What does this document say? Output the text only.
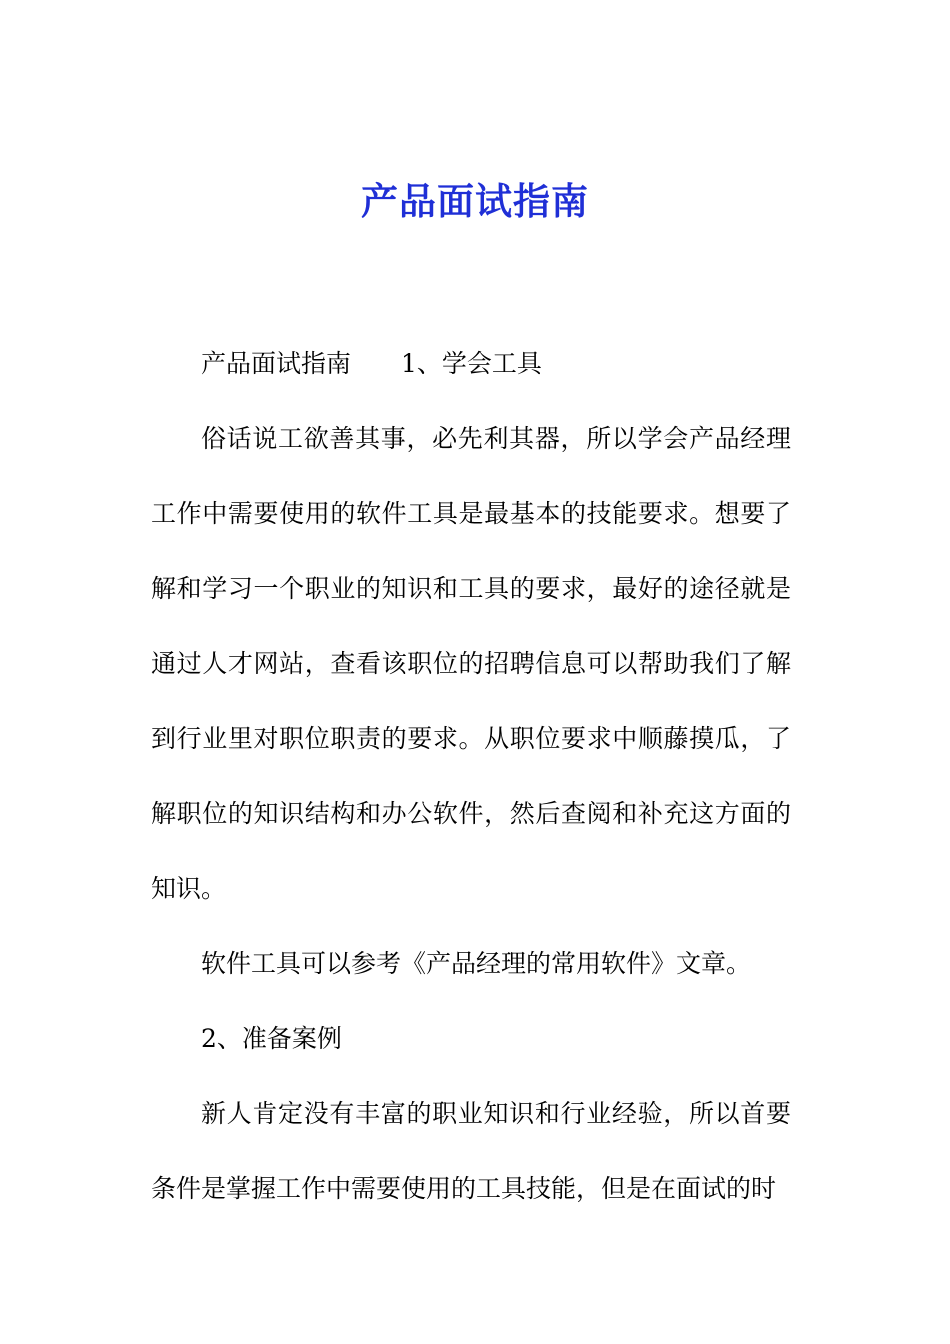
产品面试指南

产品面试指南 1、学会工具

俗话说工欲善其事，必先利其器，所以学会产品经理工作中需要使用的软件工具是最基本的技能要求。想要了解和学习一个职业的知识和工具的要求，最好的途径就是通过人才网站，查看该职位的招聘信息可以帮助我们了解到行业里对职位职责的要求。从职位要求中顺藤摸瓜，了解职位的知识结构和办公软件，然后查阅和补充这方面的知识。

软件工具可以参考《产品经理的常用软件》文章。

2、准备案例

新人肯定没有丰富的职业知识和行业经验，所以首要条件是掌握工作中需要使用的工具技能，但是在面试的时
